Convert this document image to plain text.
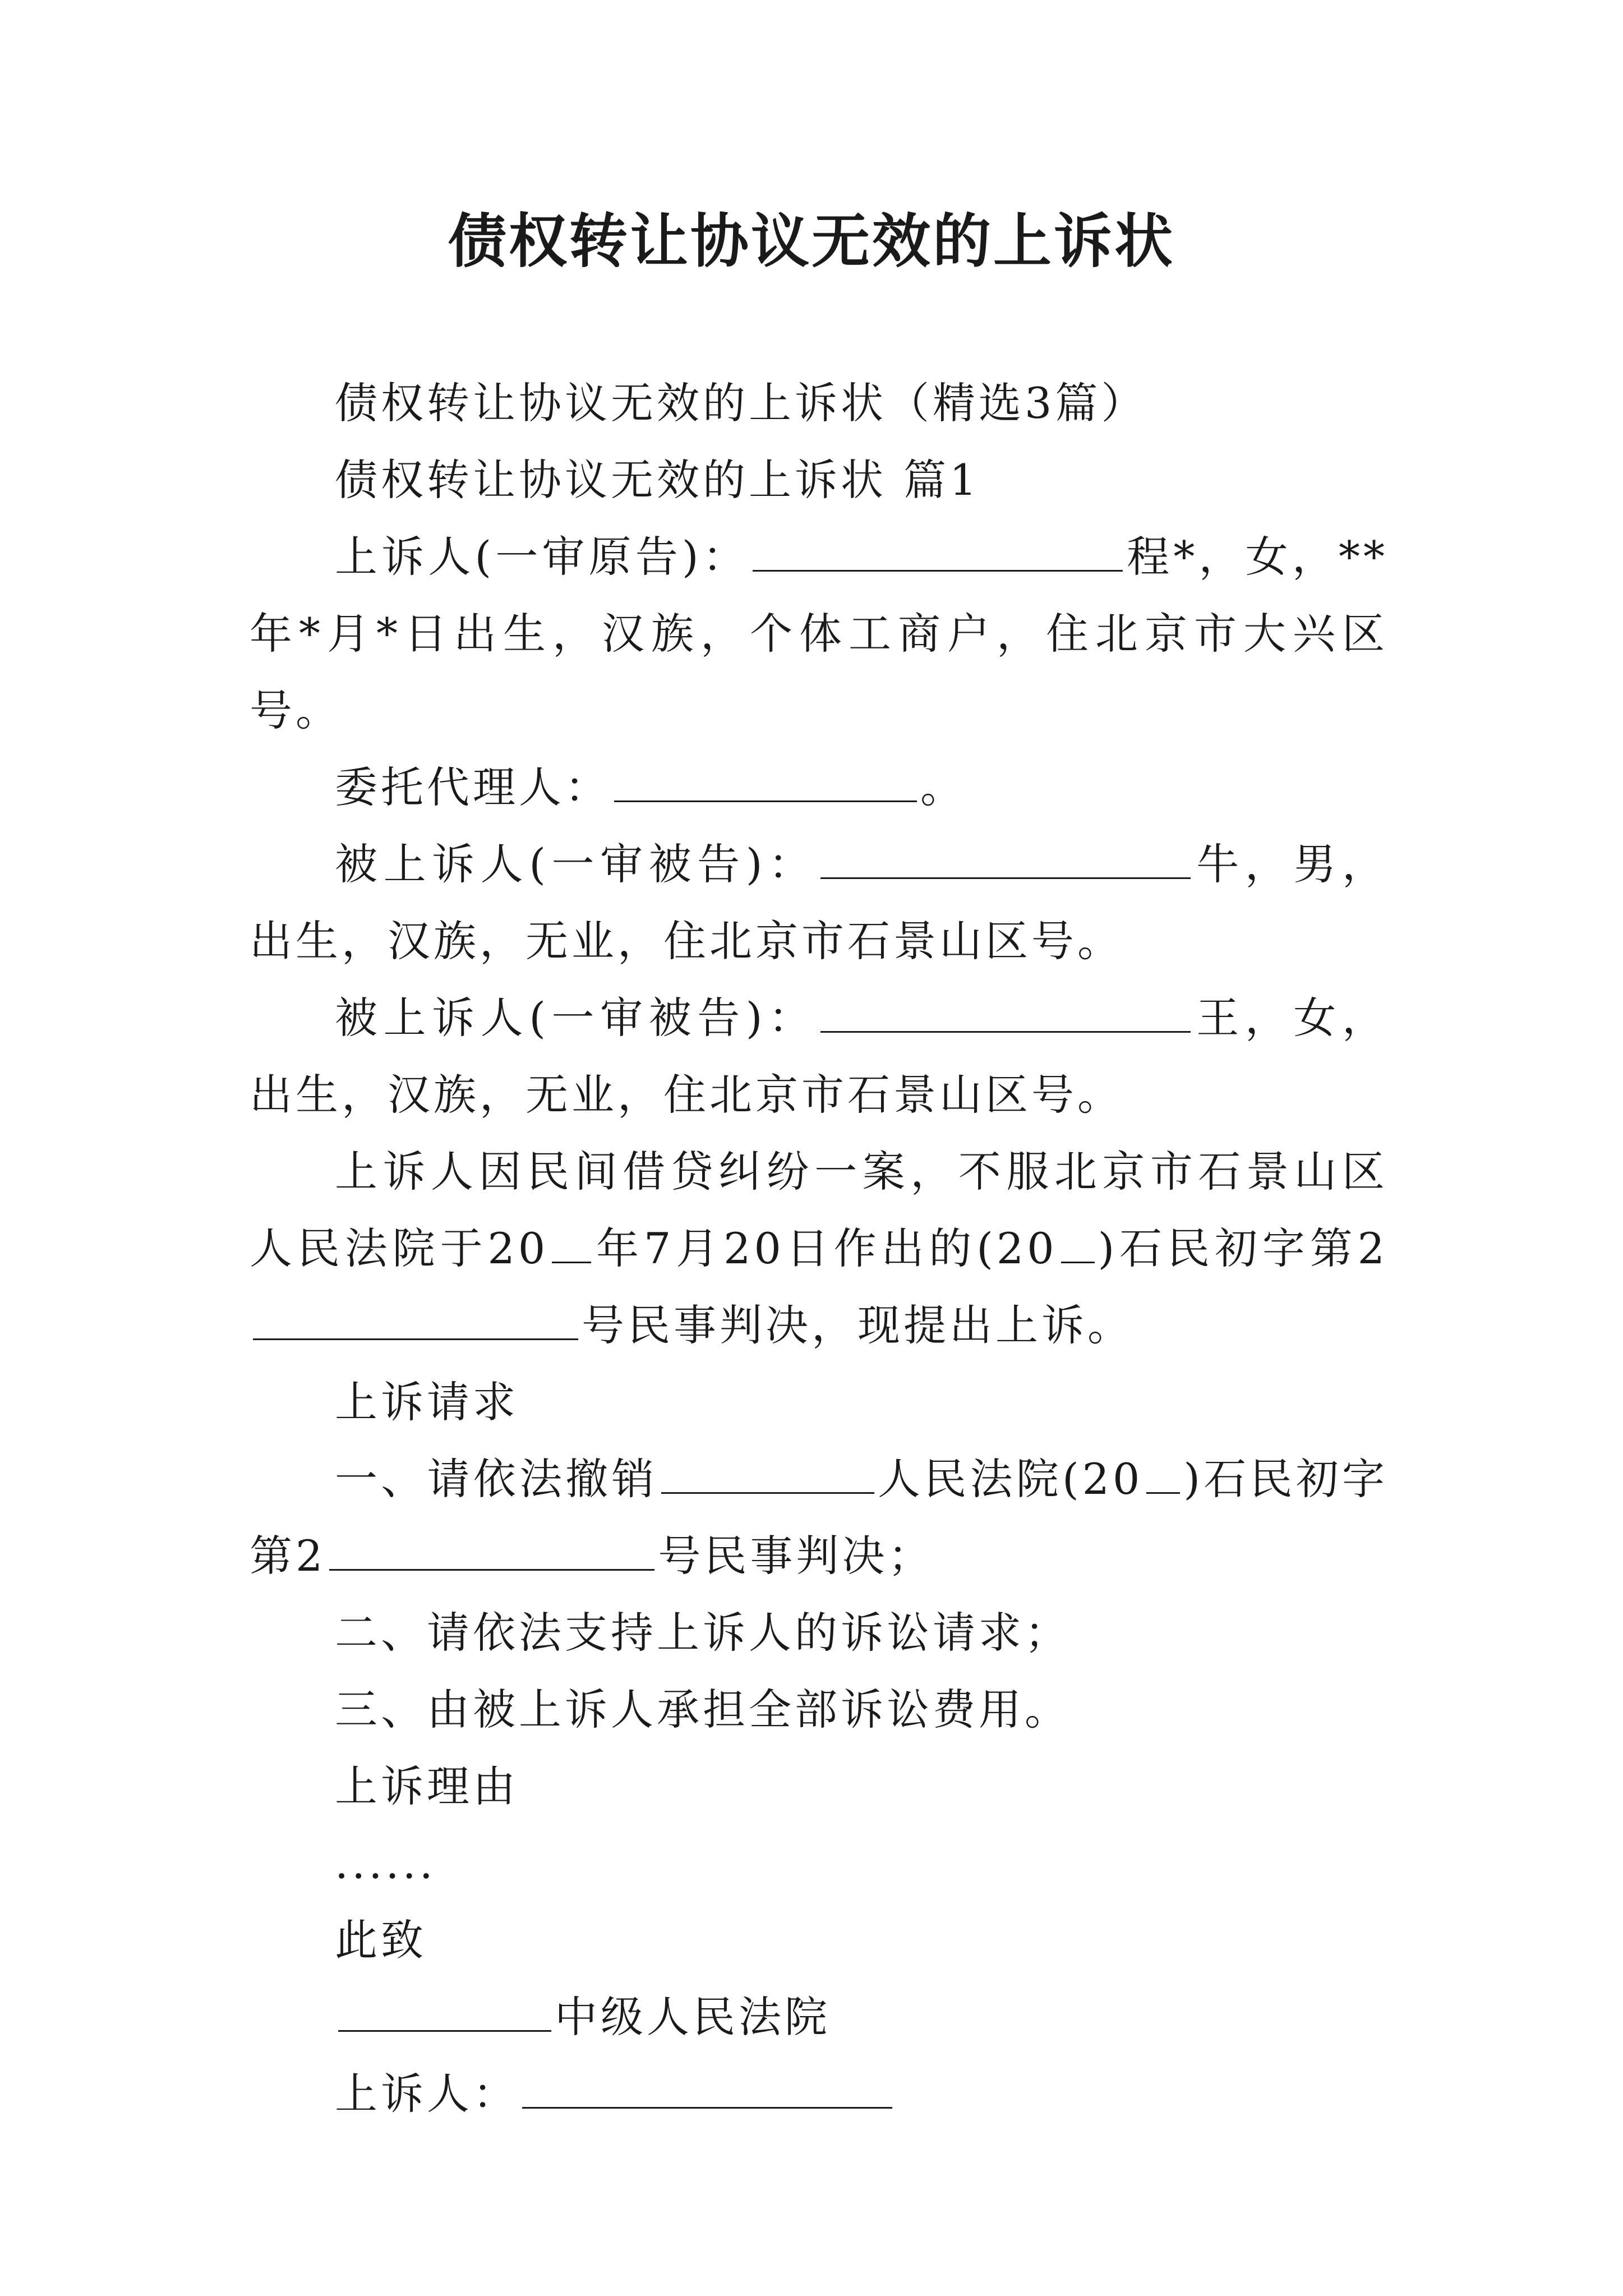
债权转让协议无效的上诉状

债权转让协议无效的上诉状（精选3篇）

债权转让协议无效的上诉状 篇1

上诉人(一审原告)：	程*，女，**年*月*日出生，汉族，个体工商户，住北京市大兴区号。

委托代理人：	。

被上诉人(一审被告)：	牛，男，出生，汉族，无业，住北京市石景山区号。

被上诉人(一审被告)：	王，女，出生，汉族，无业，住北京市石景山区号。

上诉人因民间借贷纠纷一案，不服北京市石景山区人民法院于20 年7月20日作出的(20 )石民初字第2号民事判决，现提出上诉。

上诉请求

一、请依法撤销	人民法院(20 )石民初字第2	号民事判决；

二、请依法支持上诉人的诉讼请求；

三、由被上诉人承担全部诉讼费用。

上诉理由

......

此致

中级人民法院

上诉人：
